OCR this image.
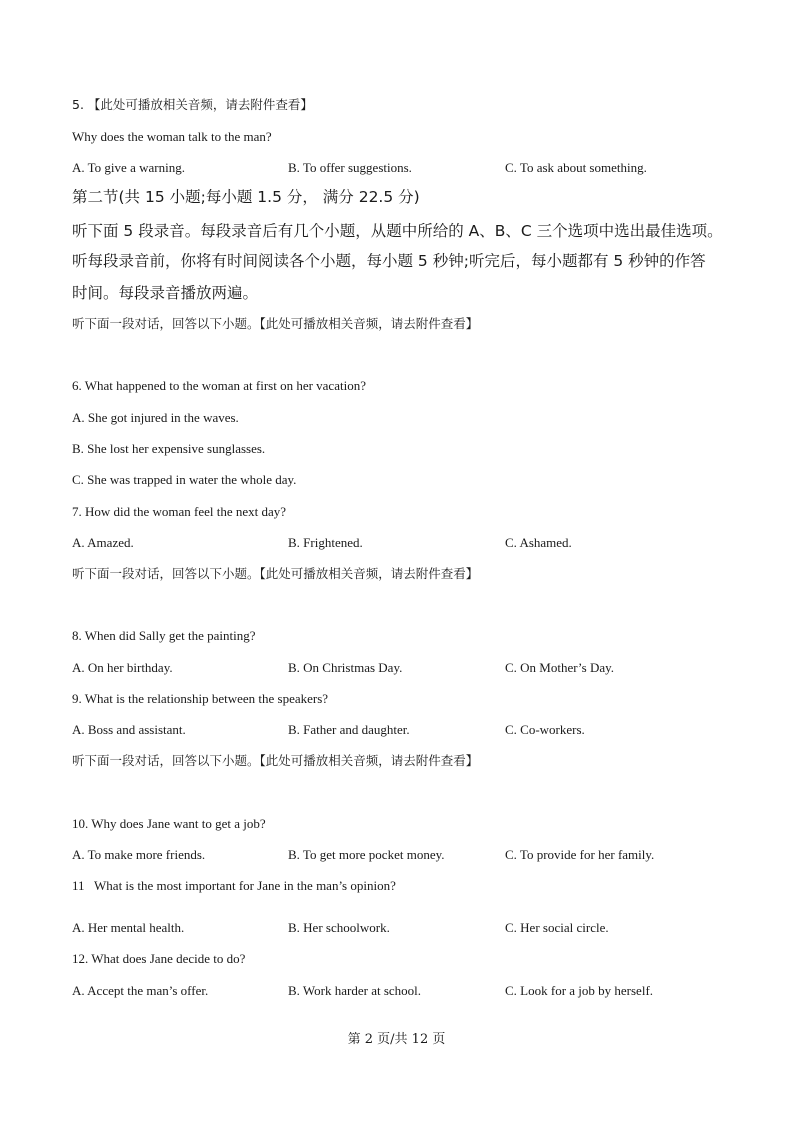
5. 【此处可播放相关音频，请去附件查看】
Why does the woman talk to the man?
A. To give a warning.	B. To offer suggestions.	C. To ask about something.
第二节(共 15 小题;每小题 1.5 分， 满分 22.5 分)
听下面 5 段录音。每段录音后有几个小题，从题中所给的 A、B、C 三个选项中选出最佳选项。
听每段录音前，你将有时间阅读各个小题，每小题 5 秒钟;听完后，每小题都有 5 秒钟的作答
时间。每段录音播放两遍。
听下面一段对话，回答以下小题。【此处可播放相关音频，请去附件查看】
6. What happened to the woman at first on her vacation?
A. She got injured in the waves.
B. She lost her expensive sunglasses.
C. She was trapped in water the whole day.
7. How did the woman feel the next day?
A. Amazed.	B. Frightened.	C. Ashamed.
听下面一段对话，回答以下小题。【此处可播放相关音频，请去附件查看】
8. When did Sally get the painting?
A. On her birthday.	B. On Christmas Day.	C. On Mother’s Day.
9. What is the relationship between the speakers?
A. Boss and assistant.	B. Father and daughter.	C. Co-workers.
听下面一段对话，回答以下小题。【此处可播放相关音频，请去附件查看】
10. Why does Jane want to get a job?
A. To make more friends.	B. To get more pocket money.	C. To provide for her family.
11   What is the most important for Jane in the man’s opinion?
A. Her mental health.	B. Her schoolwork.	C. Her social circle.
12. What does Jane decide to do?
A. Accept the man’s offer.	B. Work harder at school.	C. Look for a job by herself.
第 2 页/共 12 页
